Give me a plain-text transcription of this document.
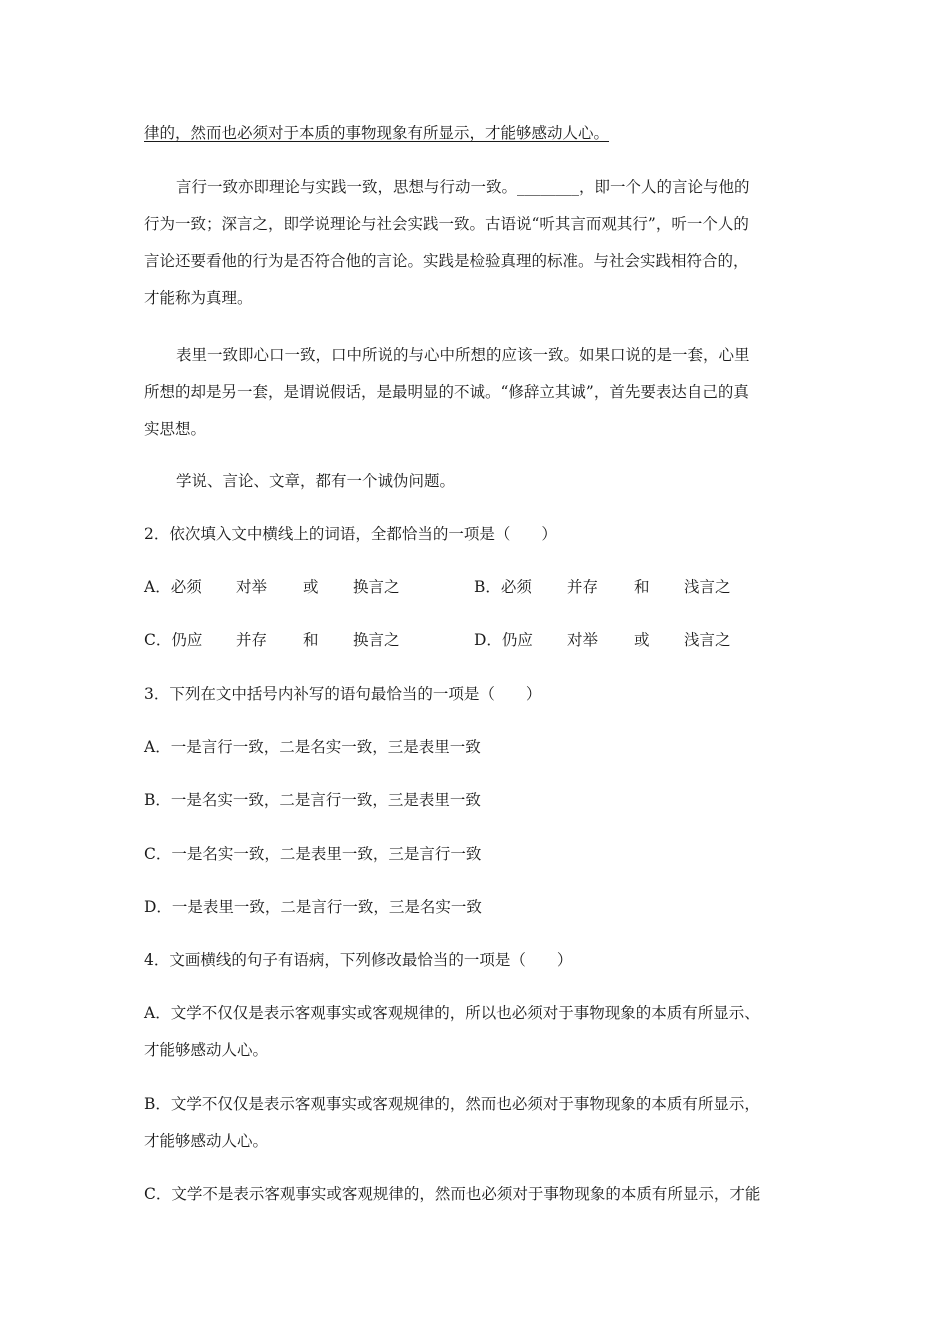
律的，然而也必须对于本质的事物现象有所显示，才能够感动人心。
言行一致亦即理论与实践一致，思想与行动一致。________，即一个人的言论与他的
行为一致；深言之，即学说理论与社会实践一致。古语说“听其言而观其行”，听一个人的
言论还要看他的行为是否符合他的言论。实践是检验真理的标准。与社会实践相符合的，
才能称为真理。
表里一致即心口一致，口中所说的与心中所想的应该一致。如果口说的是一套，心里
所想的却是另一套，是谓说假话，是最明显的不诚。“修辞立其诚”，首先要表达自己的真
实思想。
学说、言论、文章，都有一个诚伪问题。
2．依次填入文中横线上的词语，全都恰当的一项是（　　）
A．必须 对举 或 换言之	B．必须 并存 和 浅言之
C．仍应 并存 和 换言之	D．仍应 对举 或 浅言之
3．下列在文中括号内补写的语句最恰当的一项是（　　）
A．一是言行一致，二是名实一致，三是表里一致
B．一是名实一致，二是言行一致，三是表里一致
C．一是名实一致，二是表里一致，三是言行一致
D．一是表里一致，二是言行一致，三是名实一致
4．文画横线的句子有语病，下列修改最恰当的一项是（　　）
A．文学不仅仅是表示客观事实或客观规律的，所以也必须对于事物现象的本质有所显示、
才能够感动人心。
B．文学不仅仅是表示客观事实或客观规律的，然而也必须对于事物现象的本质有所显示，
才能够感动人心。
C．文学不是表示客观事实或客观规律的，然而也必须对于事物现象的本质有所显示，才能
